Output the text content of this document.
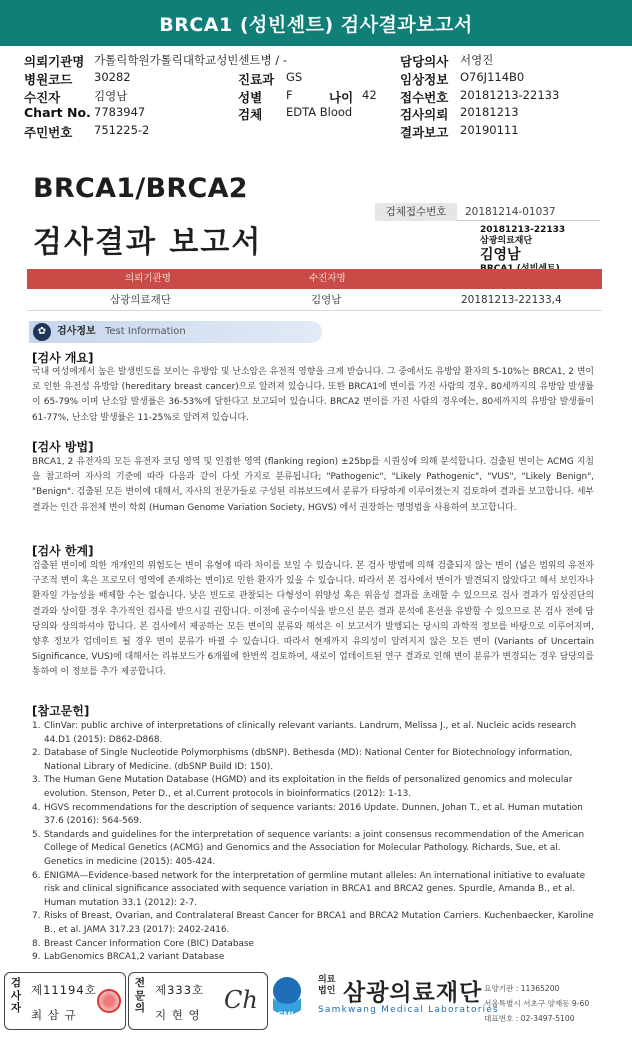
BRCA1 (성빈센트) 검사결과보고서
의뢰기관명 가톨릭학원가톨릭대학교성빈센트병 / -	담당의사 서영진
병원코드 30282	진료과 GS	임상정보 O76J114B0
수진자	김영남	성별 F	나이 42 접수번호 20181213-22133
Chart No. 7783947	검체 EDTA Blood	검사의뢰 20181213
주민번호 751225-2	결과보고 20190111
BRCA1/BRCA2
검사결과 보고서
검체접수번호	20181214-01037
20181213-22133
삼광의료재단
김영남
의뢰기관명	수진자명
삼광의료재단	김영남	20181213-22133,4
✿	검사정보 Test Information
[검사 개요]
국내 여성에게서 높은 발생빈도를 보이는 유방암 및 난소암은 유전적 영향을 크게 받습니다. 그 중에서도 유방암 환자의 5-10%는 BRCA1, 2 변이로 인한 유전성 유방암 (hereditary breast cancer)으로 알려져 있습니다. 또한 BRCA1에 변이를 가진 사람의 경우, 80세까지의 유방암 발생률이 65-79% 이며 난소암 발생률은 36-53%에 달한다고 보고되어 있습니다. BRCA2 변이를 가진 사람의 경우에는, 80세까지의 유방암 발생률이 61-77%, 난소암 발생률은 11-25%로 알려져 있습니다.
[검사 방법]
BRCA1, 2 유전자의 모든 유전자 코딩 영역 및 인접한 영역 (flanking region) ±25bp를 시퀀싱에 의해 분석합니다. 검출된 변이는 ACMG 지침을 참고하여 자사의 기준에 따라 다음과 같이 다섯 가지로 분류됩니다; "Pathogenic", "Likely Pathogenic", "VUS", "Likely Benign", "Benign". 검출된 모든 변이에 대해서, 자사의 전문가들로 구성된 리뷰보드에서 분류가 타당하게 이루어졌는지 검토하여 결과를 보고합니다. 세부결과는 인간 유전체 변이 학회 (Human Genome Variation Society, HGVS) 에서 권장하는 명명법을 사용하여 보고합니다.
[검사 한계]
검출된 변이에 의한 개개인의 위험도는 변이 유형에 따라 차이를 보일 수 있습니다. 본 검사 방법에 의해 검출되지 않는 변이 (넓은 범위의 유전자 구조적 변이 혹은 프로모터 영역에 존재하는 변이)로 인한 환자가 있을 수 있습니다. 따라서 본 검사에서 변이가 발견되지 않았다고 해서 보인자나 환자일 가능성을 배제할 수는 없습니다. 낮은 빈도로 관찰되는 다형성이 위양성 혹은 위음성 결과를 초래할 수 있으므로 검사 결과가 임상진단의 결과와 상이할 경우 추가적인 검사를 받으시길 권합니다. 이전에 골수이식을 받으신 분은 결과 분석에 혼선을 유발할 수 있으므로 본 검사 전에 담당의와 상의하셔야 합니다. 본 검사에서 제공하는 모든 변이의 분류와 해석은 이 보고서가 발행되는 당시의 과학적 정보를 바탕으로 이루어지며, 향후 정보가 업데이트 될 경우 변이 분류가 바뀔 수 있습니다. 따라서 현재까지 유의성이 알려지지 않은 모든 변이 (Variants of Uncertain Significance, VUS)에 대해서는 리뷰보드가 6개월에 한번씩 검토하여, 새로이 업데이트된 연구 결과로 인해 변이 분류가 변경되는 경우 담당의를 통하여 이 정보를 추가 제공합니다.
[참고문헌]
1. ClinVar: public archive of interpretations of clinically relevant variants. Landrum, Melissa J., et al. Nucleic acids research 44.D1 (2015): D862-D868.
2. Database of Single Nucleotide Polymorphisms (dbSNP). Bethesda (MD): National Center for Biotechnology information, National Library of Medicine. (dbSNP Build ID: 150).
3. The Human Gene Mutation Database (HGMD) and its exploitation in the fields of personalized genomics and molecular evolution. Stenson, Peter D., et al.Current protocols in bioinformatics (2012): 1-13.
4. HGVS recommendations for the description of sequence variants: 2016 Update. Dunnen, Johan T., et al. Human mutation 37.6 (2016): 564-569.
5. Standards and guidelines for the interpretation of sequence variants: a joint consensus recommendation of the American College of Medical Genetics (ACMG) and Genomics and the Association for Molecular Pathology. Richards, Sue, et al. Genetics in medicine (2015): 405-424.
6. ENIGMA—Evidence-based network for the interpretation of germline mutant alleles: An international initiative to evaluate risk and clinical significance associated with sequence variation in BRCA1 and BRCA2 genes. Spurdle, Amanda B., et al. Human mutation 33.1 (2012): 2-7.
7. Risks of Breast, Ovarian, and Contralateral Breast Cancer for BRCA1 and BRCA2 Mutation Carriers. Kuchenbaecker, Karoline B., et al. JAMA 317.23 (2017): 2402-2416.
8. Breast Cancer Information Core (BIC) Database
9. LabGenomics BRCA1,2 variant Database
검사자
제11194호
최 삼 규
전문의
제333호
지 현 영
Ch
SML
의료법인 삼광의료재단
Samkwang Medical Laboratories
요양기관 : 11365200
서울특별시 서초구 양재동 9-60
대표번호 : 02-3497-5100
